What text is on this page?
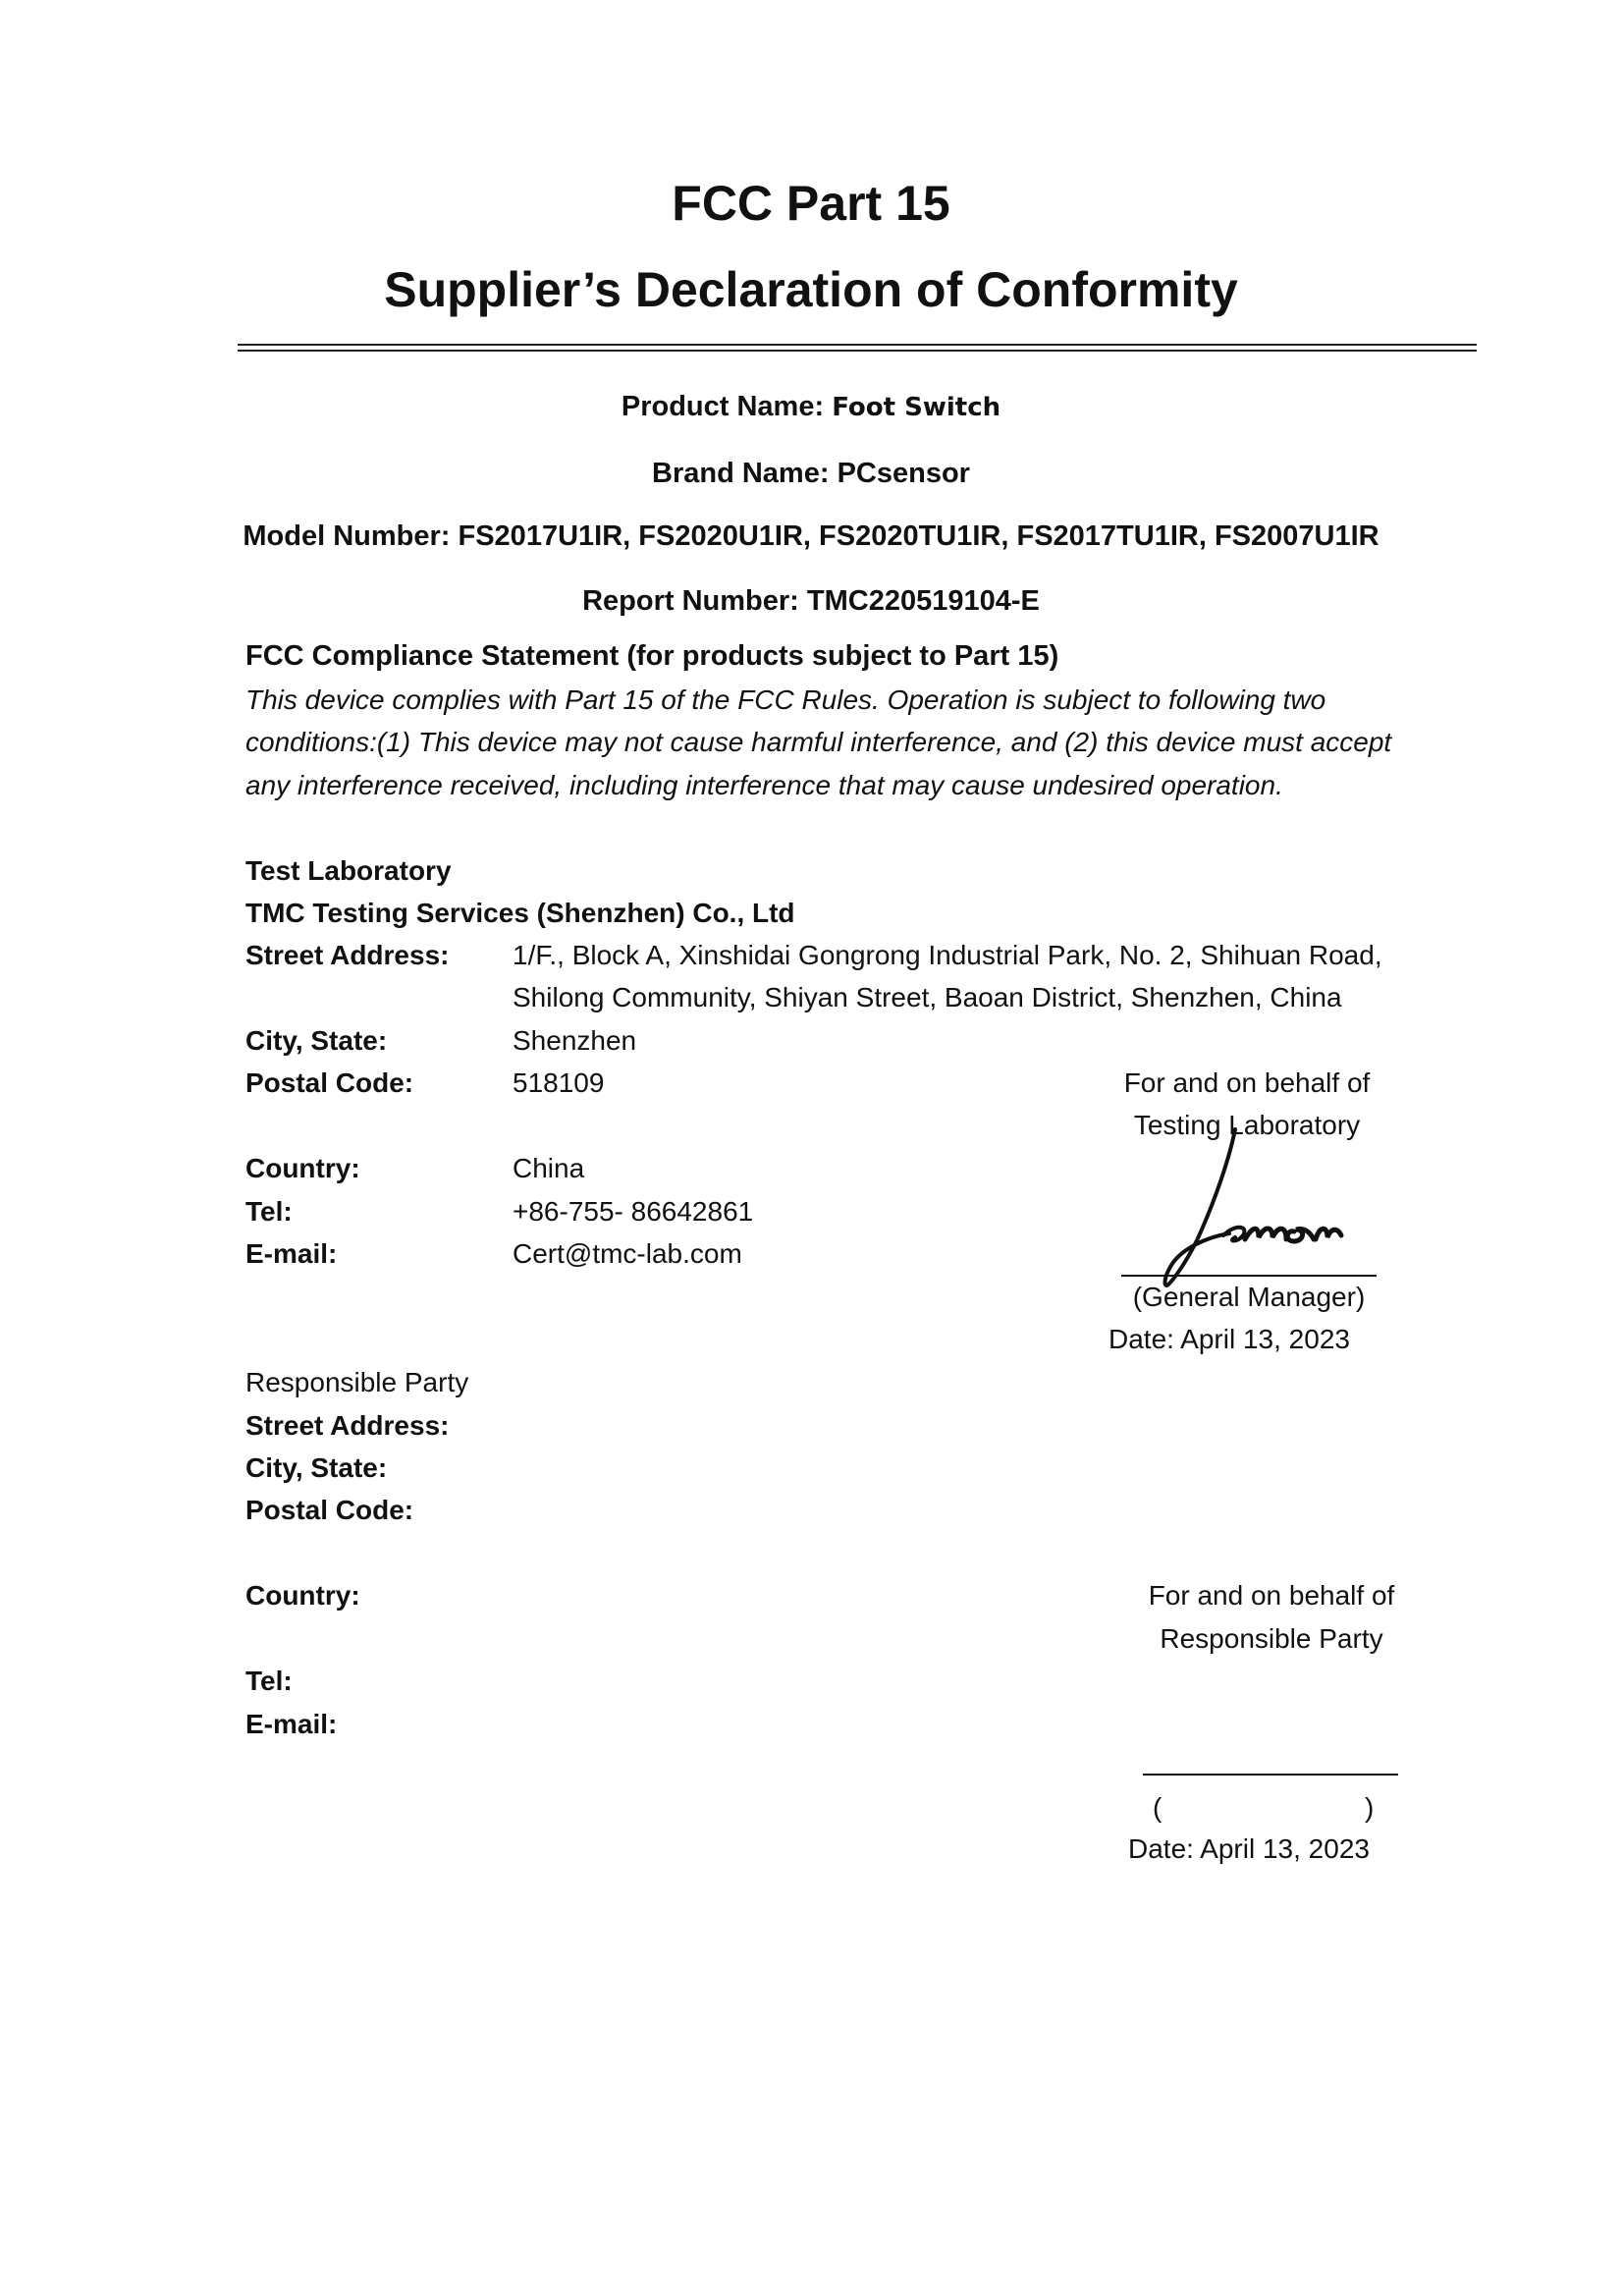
FCC Part 15
Supplier’s Declaration of Conformity
Product Name: Foot Switch
Brand Name: PCsensor
Model Number: FS2017U1IR, FS2020U1IR, FS2020TU1IR, FS2017TU1IR, FS2007U1IR
Report Number: TMC220519104-E
FCC Compliance Statement (for products subject to Part 15)
This device complies with Part 15 of the FCC Rules. Operation is subject to following two
conditions:(1) This device may not cause harmful interference, and (2) this device must accept
any interference received, including interference that may cause undesired operation.
Test Laboratory
TMC Testing Services (Shenzhen) Co., Ltd
Street Address: 1/F., Block A, Xinshidai Gongrong Industrial Park, No. 2, Shihuan Road,
Shilong Community, Shiyan Street, Baoan District, Shenzhen, China
City, State:	Shenzhen
Postal Code:	518109
Country:	China
Tel:	+86-755- 86642861
E-mail:	Cert@tmc-lab.com
For and on behalf of
Testing Laboratory
(General Manager)
Date: April 13, 2023
Responsible Party
Street Address:
City, State:
Postal Code:
Country:
Tel:
E-mail:
For and on behalf of
Responsible Party
(	)
Date: April 13, 2023
